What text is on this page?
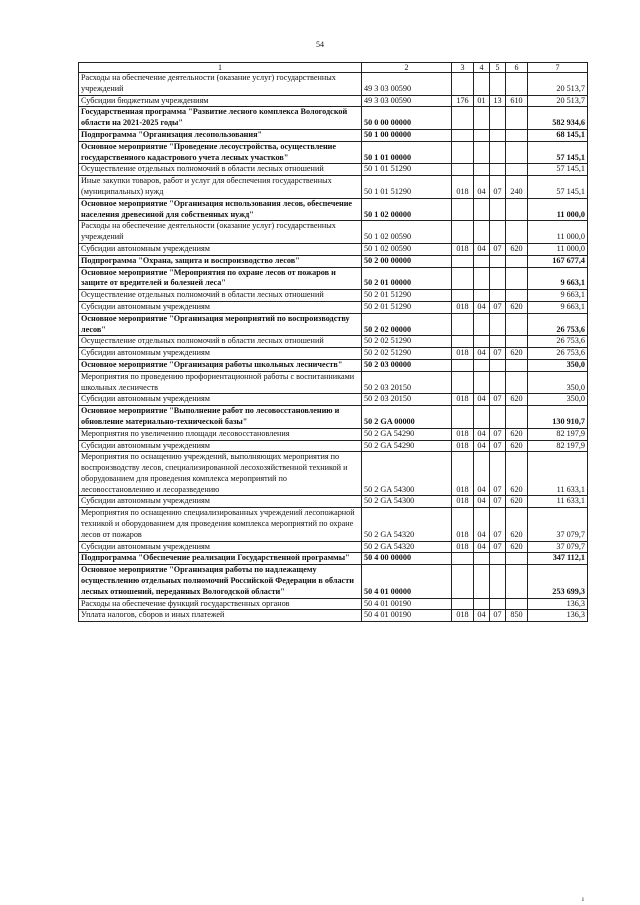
54
1	2	3	4	5	6	7
Расходы на обеспечение деятельности (оказание услуг) государственных учреждений	49 3 03 00590					20 513,7
Субсидии бюджетным учреждениям	49 3 03 00590	176	01	13	610	20 513,7
Государственная программа "Развитие лесного комплекса Вологодской области на 2021-2025 годы"	50 0 00 00000					582 934,6
Подпрограмма "Организация лесопользования"	50 1 00 00000					68 145,1
Основное мероприятие "Проведение лесоустройства, осуществление государственного кадастрового учета лесных участков"	50 1 01 00000					57 145,1
Осуществление отдельных полномочий в области лесных отношений	50 1 01 51290					57 145,1
Иные закупки товаров, работ и услуг для обеспечения государственных (муниципальных) нужд	50 1 01 51290	018	04	07	240	57 145,1
Основное мероприятие "Организация использования лесов, обеспечение населения древесиной для собственных нужд"	50 1 02 00000					11 000,0
Расходы на обеспечение деятельности (оказание услуг) государственных учреждений	50 1 02 00590					11 000,0
Субсидии автономным учреждениям	50 1 02 00590	018	04	07	620	11 000,0
Подпрограмма "Охрана, защита и воспроизводство лесов"	50 2 00 00000					167 677,4
Основное мероприятие "Мероприятия по охране лесов от пожаров и защите от вредителей и болезней леса"	50 2 01 00000					9 663,1
Осуществление отдельных полномочий в области лесных отношений	50 2 01 51290					9 663,1
Субсидии автономным учреждениям	50 2 01 51290	018	04	07	620	9 663,1
Основное мероприятие "Организация мероприятий по воспроизводству лесов"	50 2 02 00000					26 753,6
Осуществление отдельных полномочий в области лесных отношений	50 2 02 51290					26 753,6
Субсидии автономным учреждениям	50 2 02 51290	018	04	07	620	26 753,6
Основное мероприятие "Организация работы школьных лесничеств"	50 2 03 00000					350,0
Мероприятия по проведению профориентационной работы с воспитанниками школьных лесничеств	50 2 03 20150					350,0
Субсидии автономным учреждениям	50 2 03 20150	018	04	07	620	350,0
Основное мероприятие "Выполнение работ по лесовосстановлению и обновление материально-технической базы"	50 2 GA 00000					130 910,7
Мероприятия по увеличению площади лесовосстановления	50 2 GA 54290	018	04	07	620	82 197,9
Субсидии автономным учреждениям	50 2 GA 54290	018	04	07	620	82 197,9
Мероприятия по оснащению учреждений, выполняющих мероприятия по воспроизводству лесов, специализированной лесохозяйственной техникой и оборудованием для проведения комплекса мероприятий по лесовосстановлению и лесоразведению	50 2 GA 54300	018	04	07	620	11 633,1
Субсидии автономным учреждениям	50 2 GA 54300	018	04	07	620	11 633,1
Мероприятия по оснащению специализированных учреждений лесопожарной техникой и оборудованием для проведения комплекса мероприятий по охране лесов от пожаров	50 2 GA 54320	018	04	07	620	37 079,7
Субсидии автономным учреждениям	50 2 GA 54320	018	04	07	620	37 079,7
Подпрограмма "Обеспечение реализации Государственной программы"	50 4 00 00000					347 112,1
Основное мероприятие "Организация работы по надлежащему осуществлению отдельных полномочий Российской Федерации в области лесных отношений, переданных Вологодской области"	50 4 01 00000					253 699,3
Расходы на обеспечение функций государственных органов	50 4 01 00190					136,3
Уплата налогов, сборов и иных платежей	50 4 01 00190	018	04	07	850	136,3
ı
